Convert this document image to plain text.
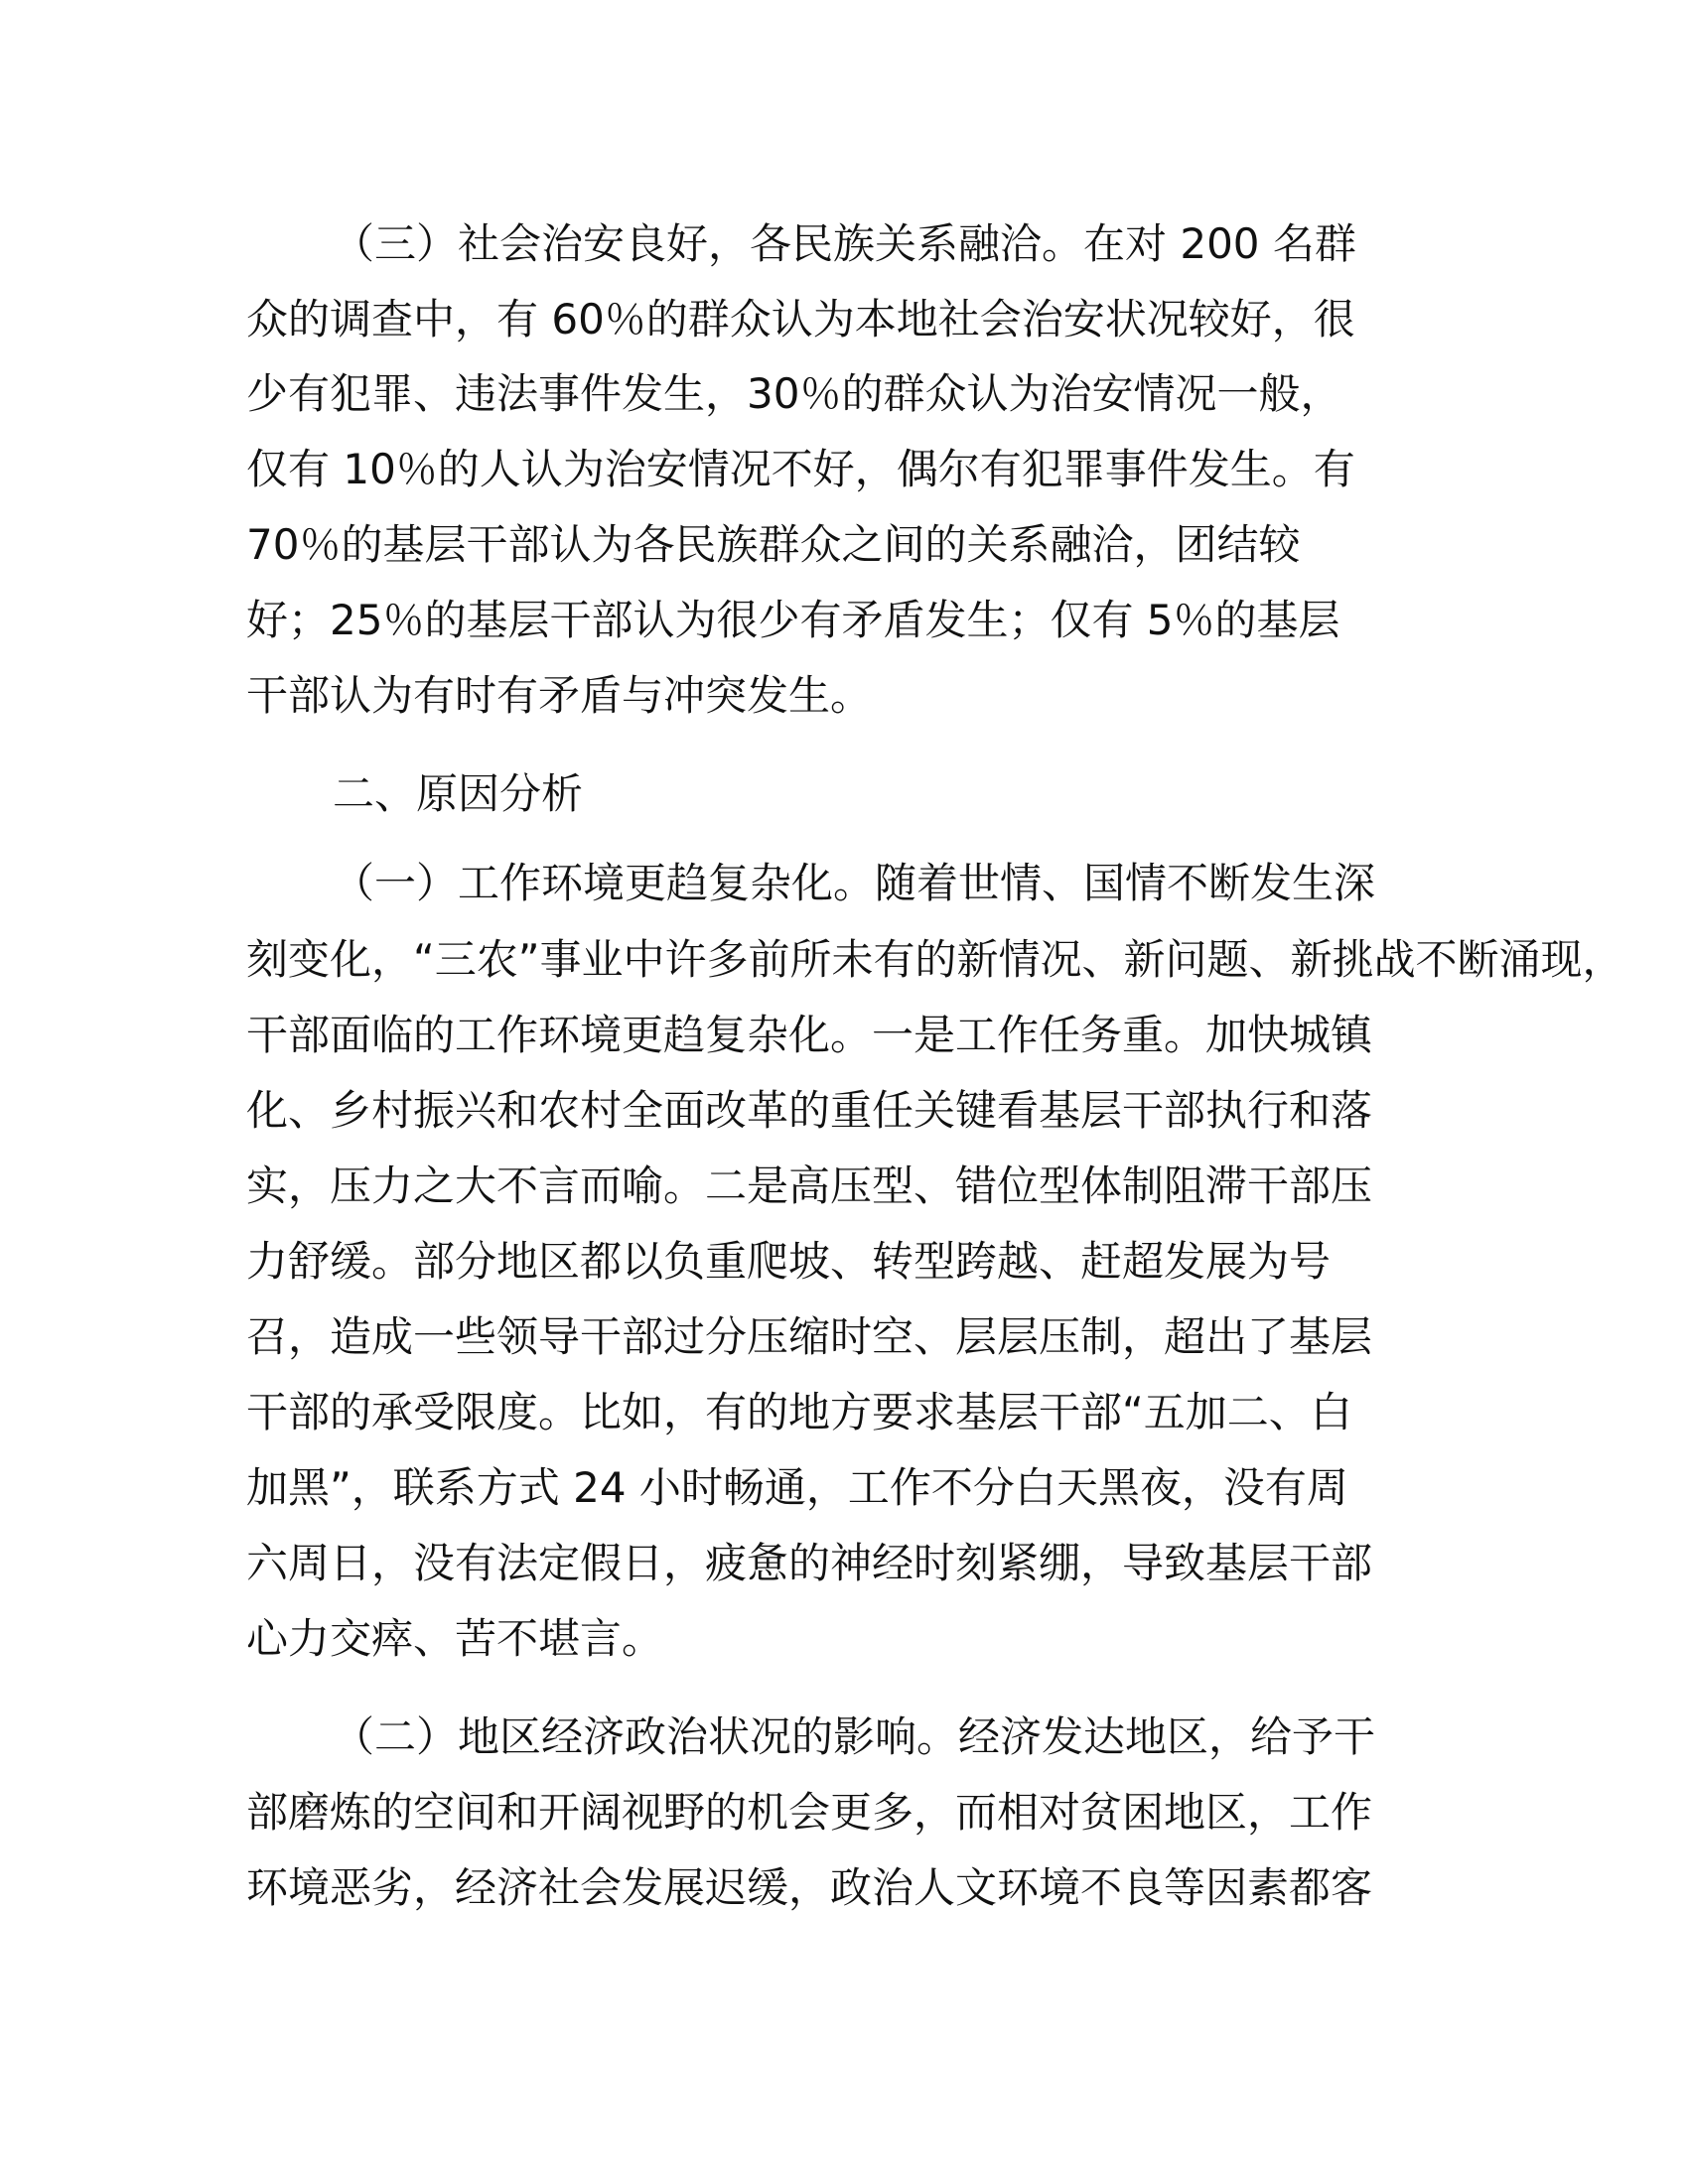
（三）社会治安良好，各民族关系融洽。在对 200 名群
众的调查中，有 60％的群众认为本地社会治安状况较好，很
少有犯罪、违法事件发生，30％的群众认为治安情况一般，
仅有 10％的人认为治安情况不好，偶尔有犯罪事件发生。有
70％的基层干部认为各民族群众之间的关系融洽，团结较
好；25％的基层干部认为很少有矛盾发生；仅有 5％的基层
干部认为有时有矛盾与冲突发生。
二、原因分析
（一）工作环境更趋复杂化。随着世情、国情不断发生深
刻变化，“三农”事业中许多前所未有的新情况、新问题、新挑战不断涌现，
干部面临的工作环境更趋复杂化。一是工作任务重。加快城镇
化、乡村振兴和农村全面改革的重任关键看基层干部执行和落
实，压力之大不言而喻。二是高压型、错位型体制阻滞干部压
力舒缓。部分地区都以负重爬坡、转型跨越、赶超发展为号
召，造成一些领导干部过分压缩时空、层层压制，超出了基层
干部的承受限度。比如，有的地方要求基层干部“五加二、白
加黑”，联系方式 24 小时畅通，工作不分白天黑夜，没有周
六周日，没有法定假日，疲惫的神经时刻紧绷，导致基层干部
心力交瘁、苦不堪言。
（二）地区经济政治状况的影响。经济发达地区，给予干
部磨炼的空间和开阔视野的机会更多，而相对贫困地区，工作
环境恶劣，经济社会发展迟缓，政治人文环境不良等因素都客
